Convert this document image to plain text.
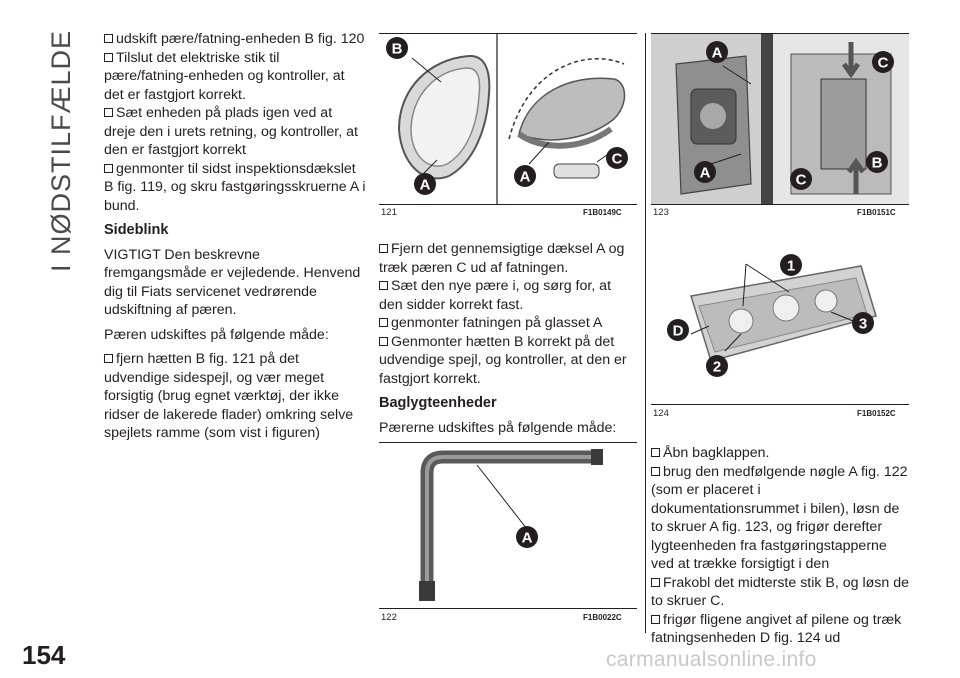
I NØDSTILFÆLDE
154
udskift pære/fatning-enheden B fig. 120
Tilslut det elektriske stik til pære/fatning-enheden og kontroller, at det er fastgjort korrekt.
Sæt enheden på plads igen ved at dreje den i urets retning, og kontroller, at den er fastgjort korrekt
genmonter til sidst inspektionsdækslet B fig. 119, og skru fastgøringsskruerne A i bund.
Sideblink
VIGTIGT Den beskrevne fremgangsmåde er vejledende. Henvend dig til Fiats servicenet vedrørende udskiftning af pæren.
Pæren udskiftes på følgende måde:
fjern hætten B fig. 121 på det udvendige sidespejl, og vær meget forsigtig (brug egnet værktøj, der ikke ridser de lakerede flader) omkring selve spejlets ramme (som vist i figuren)
B
A	A
C
121	F1B0149C
Fjern det gennemsigtige dæksel A og træk pæren C ud af fatningen.
Sæt den nye pære i, og sørg for, at den sidder korrekt fast.
genmonter fatningen på glasset A
Genmonter hætten B korrekt på det udvendige spejl, og kontroller, at den er fastgjort korrekt.
Baglygteenheder
Pærerne udskiftes på følgende måde:
A
122	F1B0022C
A
A
C
C
B
123	F1B0151C
1
2
3
D
124	F1B0152C
Åbn bagklappen.
brug den medfølgende nøgle A fig. 122 (som er placeret i dokumentationsrummet i bilen), løsn de to skruer A fig. 123, og frigør derefter lygteenheden fra fastgøringstapperne ved at trække forsigtigt i den
Frakobl det midterste stik B, og løsn de to skruer C.
frigør fligene angivet af pilene og træk fatningsenheden D fig. 124 ud
carmanualsonline.info
